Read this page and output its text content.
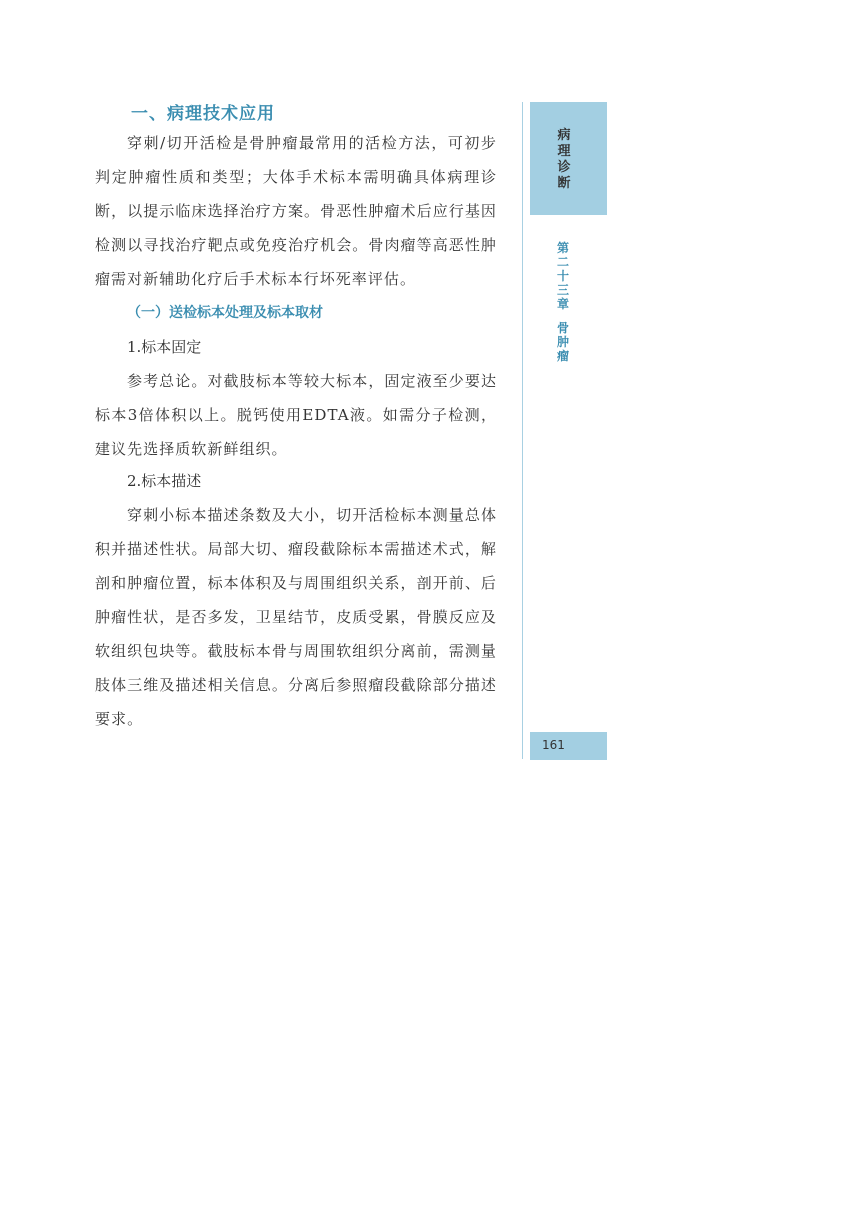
一、病理技术应用

穿刺/切开活检是骨肿瘤最常用的活检方法，可初步判定肿瘤性质和类型；大体手术标本需明确具体病理诊断，以提示临床选择治疗方案。骨恶性肿瘤术后应行基因检测以寻找治疗靶点或免疫治疗机会。骨肉瘤等高恶性肿瘤需对新辅助化疗后手术标本行坏死率评估。

（一）送检标本处理及标本取材
1.标本固定

参考总论。对截肢标本等较大标本，固定液至少要达标本3倍体积以上。脱钙使用EDTA液。如需分子检测，建议先选择质软新鲜组织。

2.标本描述

穿刺小标本描述条数及大小，切开活检标本测量总体积并描述性状。局部大切、瘤段截除标本需描述术式，解剖和肿瘤位置，标本体积及与周围组织关系，剖开前、后肿瘤性状，是否多发，卫星结节，皮质受累，骨膜反应及软组织包块等。截肢标本骨与周围软组织分离前，需测量肢体三维及描述相关信息。分离后参照瘤段截除部分描述要求。

病理诊断
第二十三章
骨肿瘤
161
